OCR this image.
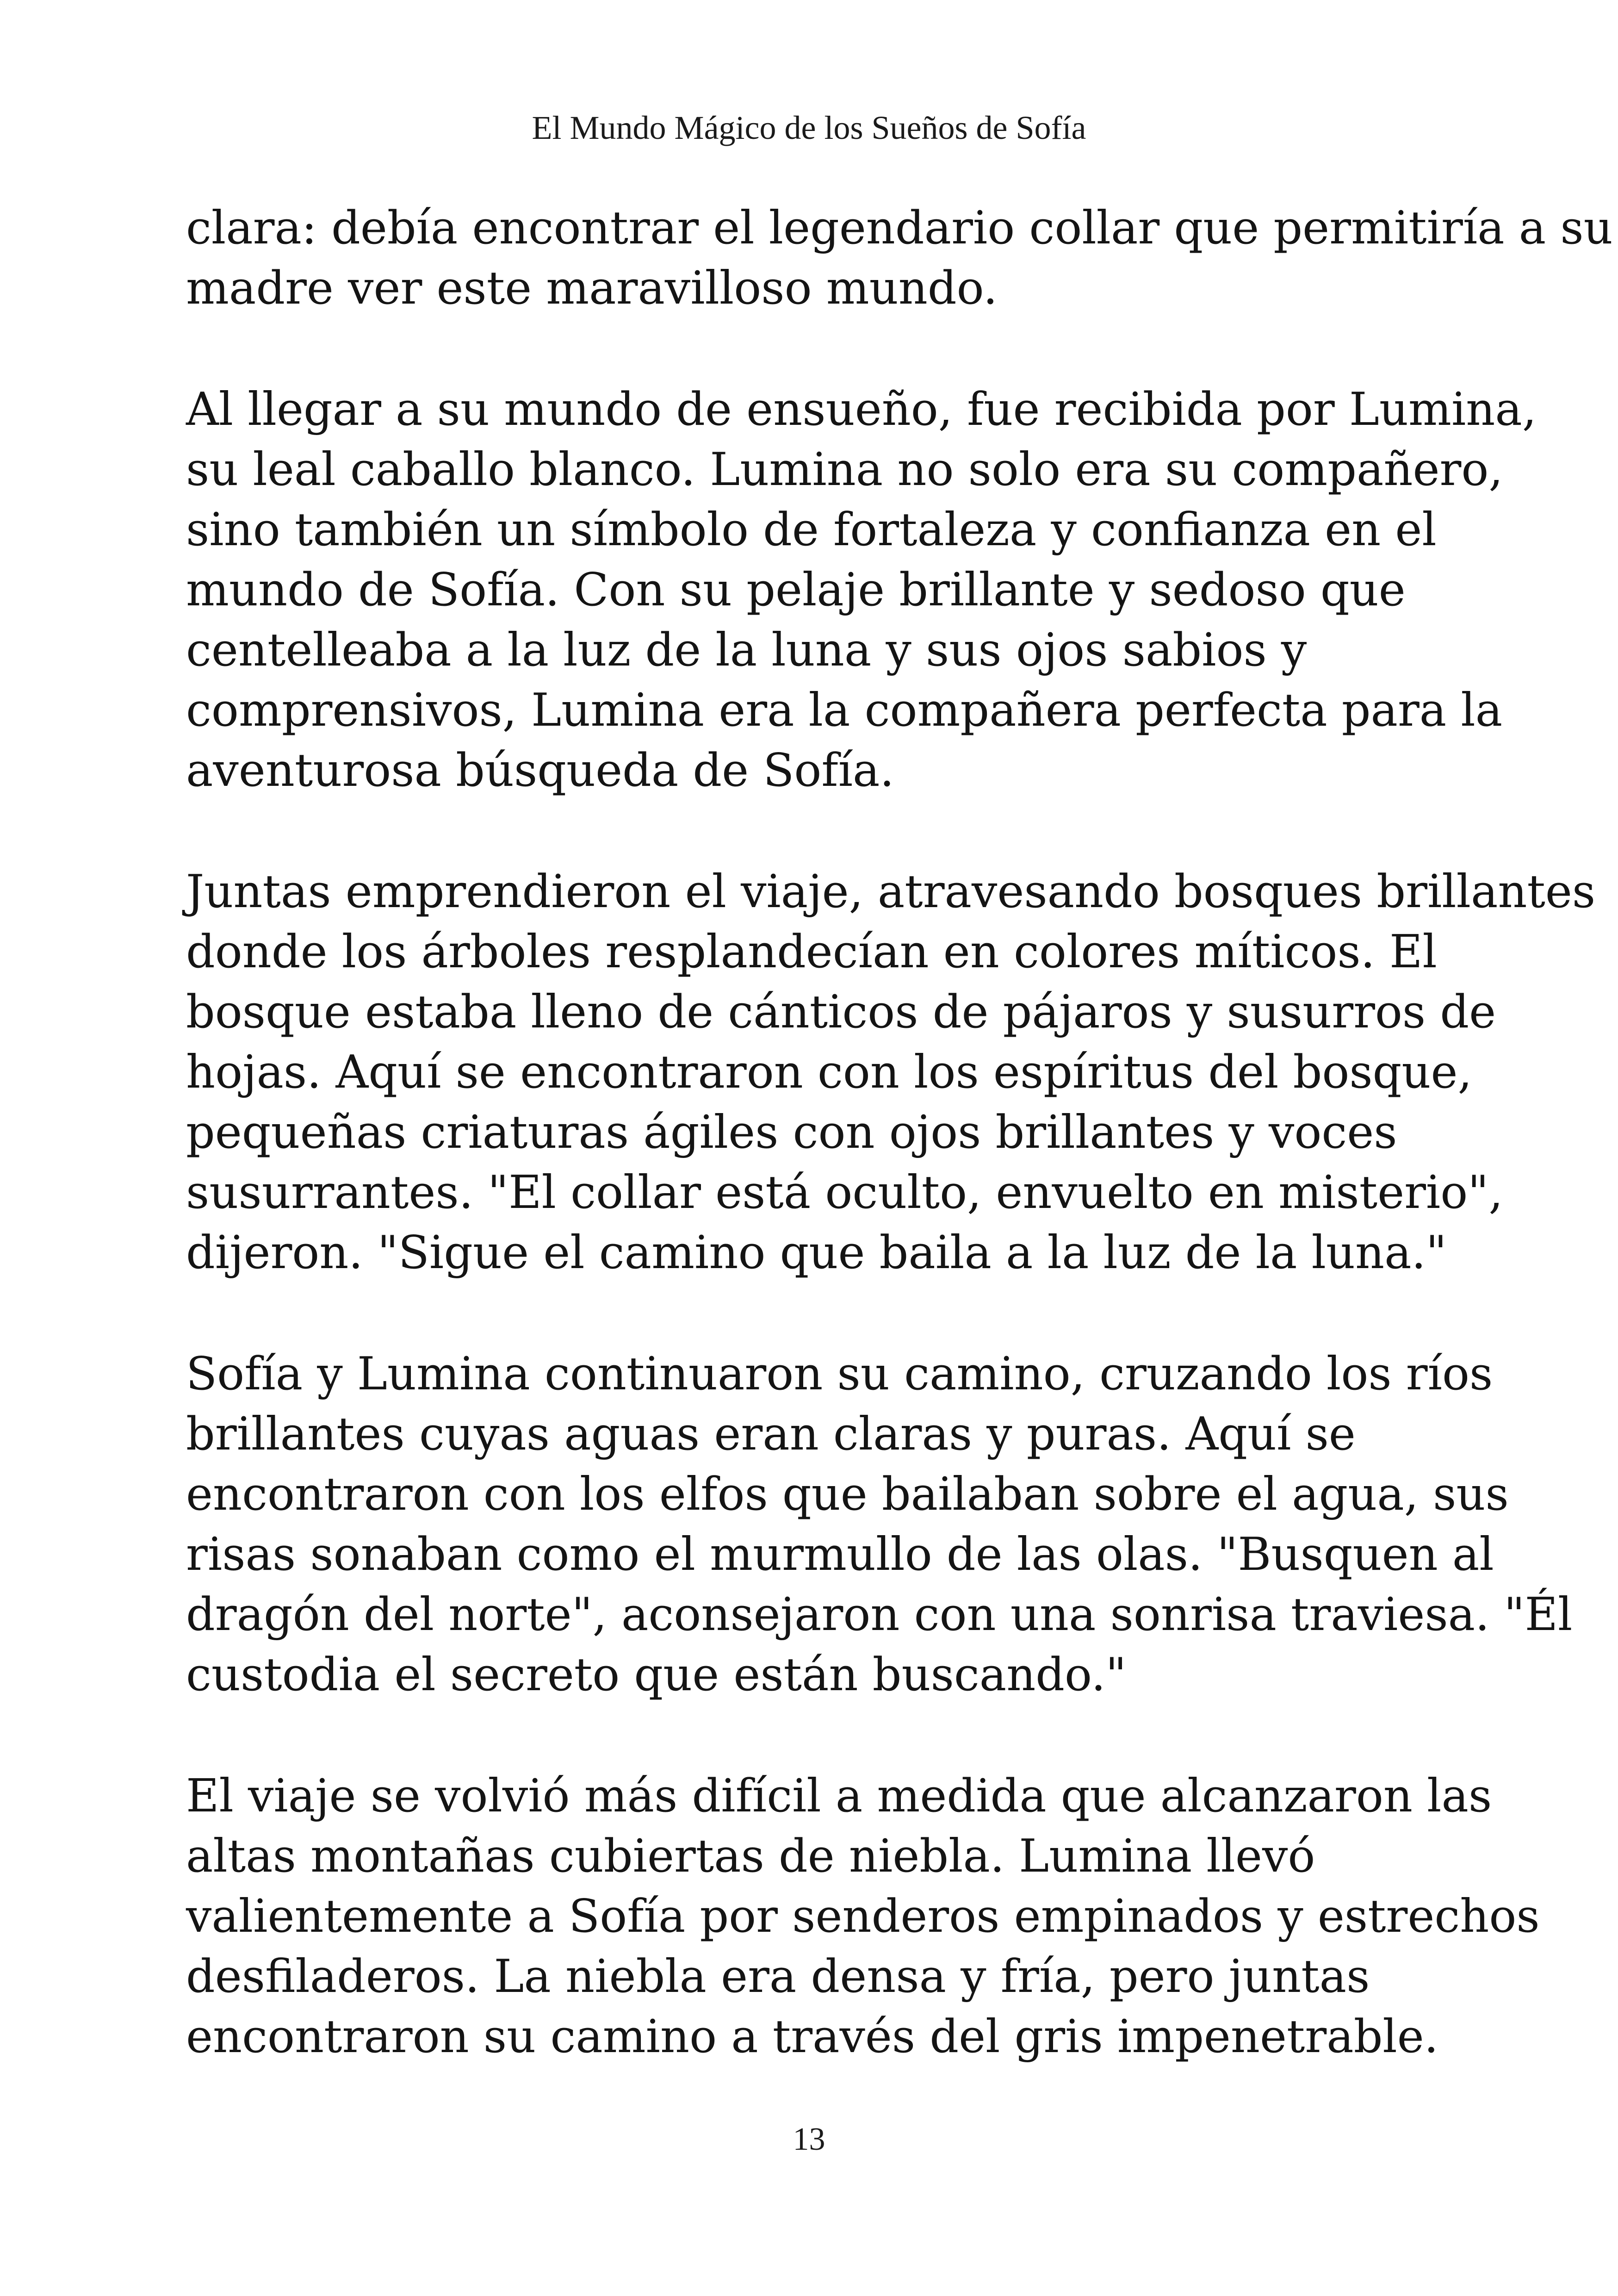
El Mundo Mágico de los Sueños de Sofía

clara: debía encontrar el legendario collar que permitiría a su
madre ver este maravilloso mundo.

Al llegar a su mundo de ensueño, fue recibida por Lumina,
su leal caballo blanco. Lumina no solo era su compañero,
sino también un símbolo de fortaleza y confianza en el
mundo de Sofía. Con su pelaje brillante y sedoso que
centelleaba a la luz de la luna y sus ojos sabios y
comprensivos, Lumina era la compañera perfecta para la
aventurosa búsqueda de Sofía.

Juntas emprendieron el viaje, atravesando bosques brillantes
donde los árboles resplandecían en colores míticos. El
bosque estaba lleno de cánticos de pájaros y susurros de
hojas. Aquí se encontraron con los espíritus del bosque,
pequeñas criaturas ágiles con ojos brillantes y voces
susurrantes. "El collar está oculto, envuelto en misterio",
dijeron. "Sigue el camino que baila a la luz de la luna."

Sofía y Lumina continuaron su camino, cruzando los ríos
brillantes cuyas aguas eran claras y puras. Aquí se
encontraron con los elfos que bailaban sobre el agua, sus
risas sonaban como el murmullo de las olas. "Busquen al
dragón del norte", aconsejaron con una sonrisa traviesa. "Él
custodia el secreto que están buscando."

El viaje se volvió más difícil a medida que alcanzaron las
altas montañas cubiertas de niebla. Lumina llevó
valientemente a Sofía por senderos empinados y estrechos
desfiladeros. La niebla era densa y fría, pero juntas
encontraron su camino a través del gris impenetrable.

13
